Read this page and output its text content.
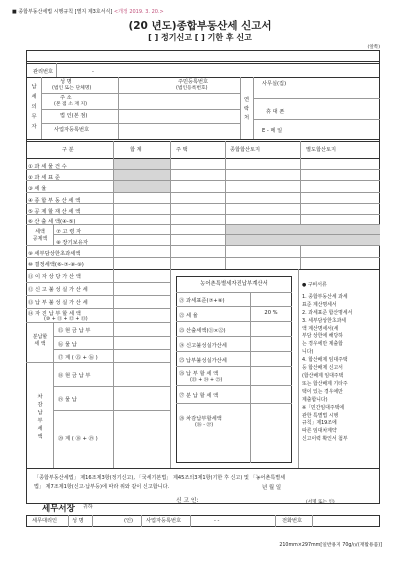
■ 종합부동산세법 시행규칙 [별지 제3호서식] <개정 2019. 3. 20.>
(20 년도)종합부동산세 신고서
[ ] 정기신고 [ ] 기한 후 신고
(앞쪽)
관리번호	-
납
세
의
무
자
성 명
(법인 또는 단체명)
주 소
(본 점 소 재 지)
법 인(본 점)
사업자등록번호
주민등록번호
(법인등록번호)
연
락
처
사무실(집)
휴 대 폰
E - 메 일
구 분	합 계	주 택	종합합산토지	별도합산토지
① 과 세 물 건 수
② 과 세 표 준
③ 세 율
④ 종 합 부 동 산 세 액
⑤ 공 제 할 재 산 세 액
⑥ 산 출 세 액(④-⑤)
세액
공제액
⑦ 고 령 자
⑧ 장기보유자
⑨ 세부담상한초과세액
⑩ 결정세액(⑥-⑦-⑧-⑨)
⑪ 이 자 상 당 가 산 액
⑫ 신 고 불 성 실 가 산 세
⑬ 납 부 불 성 실 가 산 세
⑭ 자 진 납 부 할 세 액
(⑩ + ⑪ + ⑫ + ⑬)
분납할
세 액
⑮ 현 금 납 부
⑯ 물 납
⑰ 계 ( ⑮ + ⑯ )
차
감
납
부
세
액
⑱ 현 금 납 부
⑲ 물 납
⑳ 계 ( ⑱ + ⑲ )
농어촌특별세자진납부계산서
㉑ 과세표준(⑦+⑧)
㉒ 세 율	20 %
㉓ 산출세액(㉑×㉒)
㉔ 신고불성실가산세
㉕ 납부불성실가산세
㉖ 납 부 할 세 액
(㉓ + ㉔ + ㉕)
㉗ 분 납 할 세 액
㉘ 차감납부할세액
(㉖ - ㉗)
● 구비서류
1. 종합부동산세 과세
표준 계산명세서
2. 과세표준 합산명세서
3. 세부담상한초과세
액 계산명세서(세
부담 상한에 해당하
는 경우에만 제출합
니다)
4. 합산배제 임대주택
등 합산배제 신고서
(합산배제 임대주택
또는 합산배제 기타주
택이 있는 경우에만
제출합니다)
※「민간임대주택에
관한 특별법 시행
규칙」제19조에
따른 임대차계약
신고이력 확인서 첨부
「종합부동산세법」 제16조제3항(정기신고), 「국세기본법」 제45조의3제1항(기한 후 신고) 및 「농어촌특별세
법」 제7조제1항(신고·납부등)에 따라 위와 같이 신고합니다.	년 월 일
신 고 인:	(서명 또는 인)
세무서장 귀하
세무대리인	성 명	(인) 사업자등록번호	- -	전화번호
210mm×297mm[일반용지 70g/㎡(재활용품)]
